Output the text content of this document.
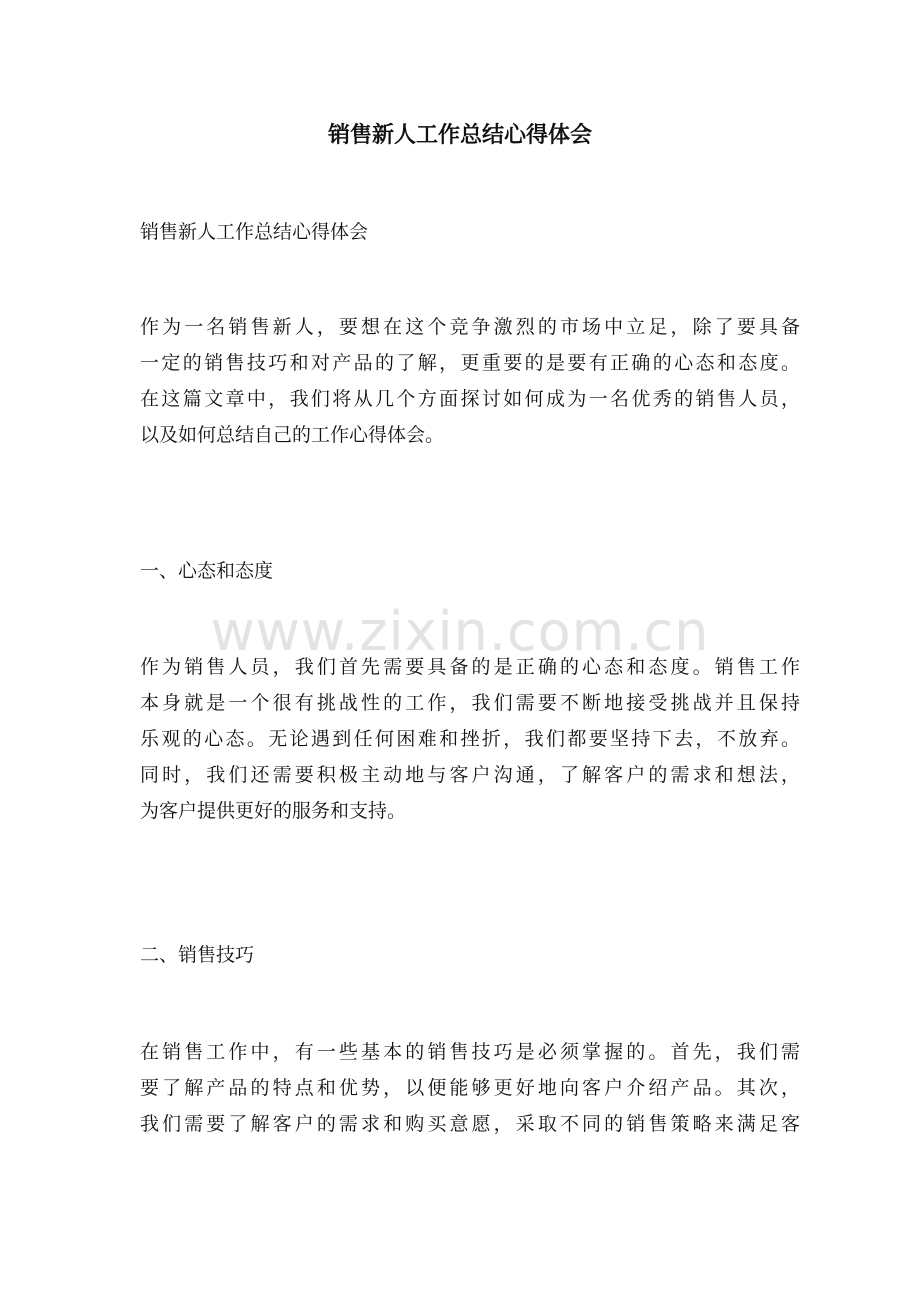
www.zixin.com.cn
销售新人工作总结心得体会

销售新人工作总结心得体会

作为一名销售新人，要想在这个竞争激烈的市场中立足，除了要具备
一定的销售技巧和对产品的了解，更重要的是要有正确的心态和态度。
在这篇文章中，我们将从几个方面探讨如何成为一名优秀的销售人员，
以及如何总结自己的工作心得体会。

一、心态和态度

作为销售人员，我们首先需要具备的是正确的心态和态度。销售工作
本身就是一个很有挑战性的工作，我们需要不断地接受挑战并且保持
乐观的心态。无论遇到任何困难和挫折，我们都要坚持下去，不放弃。
同时，我们还需要积极主动地与客户沟通，了解客户的需求和想法，
为客户提供更好的服务和支持。

二、销售技巧

在销售工作中，有一些基本的销售技巧是必须掌握的。首先，我们需
要了解产品的特点和优势，以便能够更好地向客户介绍产品。其次，
我们需要了解客户的需求和购买意愿，采取不同的销售策略来满足客
